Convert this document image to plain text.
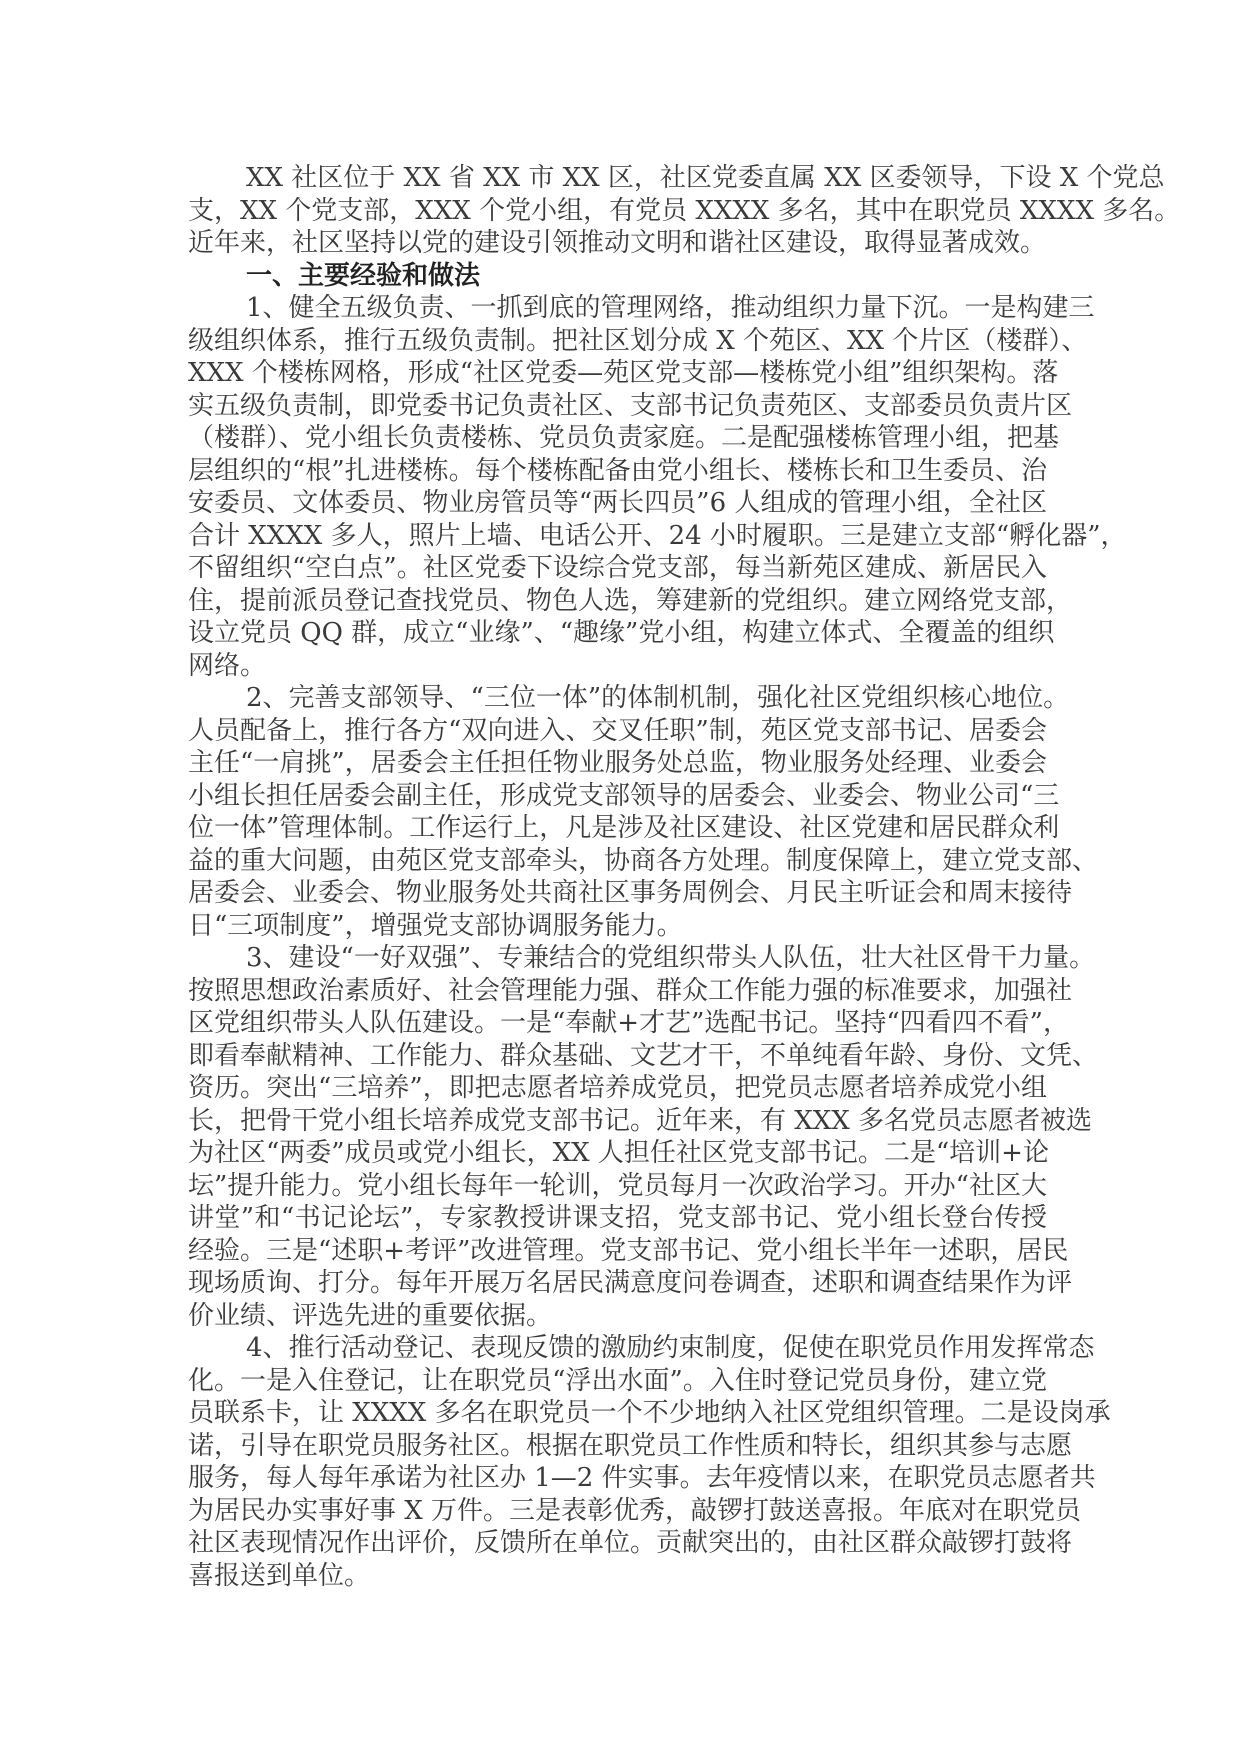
XX 社区位于 XX 省 XX 市 XX 区，社区党委直属 XX 区委领导，下设 X 个党总
支，XX 个党支部，XXX 个党小组，有党员 XXXX 多名，其中在职党员 XXXX 多名。
近年来，社区坚持以党的建设引领推动文明和谐社区建设，取得显著成效。
一、主要经验和做法
1、健全五级负责、一抓到底的管理网络，推动组织力量下沉。一是构建三
级组织体系，推行五级负责制。把社区划分成 X 个苑区、XX 个片区（楼群）、
XXX 个楼栋网格，形成“社区党委—苑区党支部—楼栋党小组”组织架构。落
实五级负责制，即党委书记负责社区、支部书记负责苑区、支部委员负责片区
（楼群）、党小组长负责楼栋、党员负责家庭。二是配强楼栋管理小组，把基
层组织的“根”扎进楼栋。每个楼栋配备由党小组长、楼栋长和卫生委员、治
安委员、文体委员、物业房管员等“两长四员”6 人组成的管理小组，全社区
合计 XXXX 多人，照片上墙、电话公开、24 小时履职。三是建立支部“孵化器”，
不留组织“空白点”。社区党委下设综合党支部，每当新苑区建成、新居民入
住，提前派员登记查找党员、物色人选，筹建新的党组织。建立网络党支部，
设立党员 QQ 群，成立“业缘”、“趣缘”党小组，构建立体式、全覆盖的组织
网络。
2、完善支部领导、“三位一体”的体制机制，强化社区党组织核心地位。
人员配备上，推行各方“双向进入、交叉任职”制，苑区党支部书记、居委会
主任“一肩挑”，居委会主任担任物业服务处总监，物业服务处经理、业委会
小组长担任居委会副主任，形成党支部领导的居委会、业委会、物业公司“三
位一体”管理体制。工作运行上，凡是涉及社区建设、社区党建和居民群众利
益的重大问题，由苑区党支部牵头，协商各方处理。制度保障上，建立党支部、
居委会、业委会、物业服务处共商社区事务周例会、月民主听证会和周末接待
日“三项制度”，增强党支部协调服务能力。
3、建设“一好双强”、专兼结合的党组织带头人队伍，壮大社区骨干力量。
按照思想政治素质好、社会管理能力强、群众工作能力强的标准要求，加强社
区党组织带头人队伍建设。一是“奉献+才艺”选配书记。坚持“四看四不看”，
即看奉献精神、工作能力、群众基础、文艺才干，不单纯看年龄、身份、文凭、
资历。突出“三培养”，即把志愿者培养成党员，把党员志愿者培养成党小组
长，把骨干党小组长培养成党支部书记。近年来，有 XXX 多名党员志愿者被选
为社区“两委”成员或党小组长，XX 人担任社区党支部书记。二是“培训+论
坛”提升能力。党小组长每年一轮训，党员每月一次政治学习。开办“社区大
讲堂”和“书记论坛”，专家教授讲课支招，党支部书记、党小组长登台传授
经验。三是“述职+考评”改进管理。党支部书记、党小组长半年一述职，居民
现场质询、打分。每年开展万名居民满意度问卷调查，述职和调查结果作为评
价业绩、评选先进的重要依据。
4、推行活动登记、表现反馈的激励约束制度，促使在职党员作用发挥常态
化。一是入住登记，让在职党员“浮出水面”。入住时登记党员身份，建立党
员联系卡，让 XXXX 多名在职党员一个不少地纳入社区党组织管理。二是设岗承
诺，引导在职党员服务社区。根据在职党员工作性质和特长，组织其参与志愿
服务，每人每年承诺为社区办 1—2 件实事。去年疫情以来，在职党员志愿者共
为居民办实事好事 X 万件。三是表彰优秀，敲锣打鼓送喜报。年底对在职党员
社区表现情况作出评价，反馈所在单位。贡献突出的，由社区群众敲锣打鼓将
喜报送到单位。
